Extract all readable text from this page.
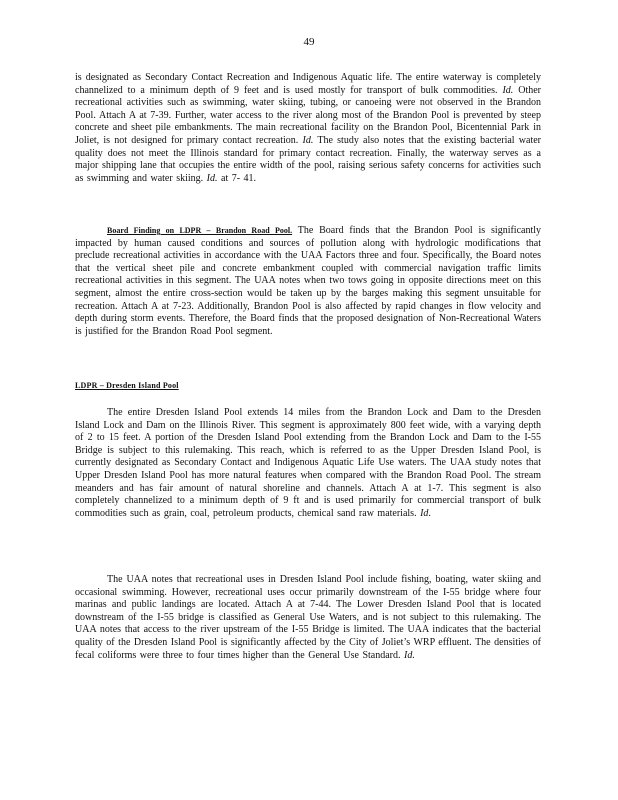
49
is designated as Secondary Contact Recreation and Indigenous Aquatic life. The entire waterway is completely channelized to a minimum depth of 9 feet and is used mostly for transport of bulk commodities. Id. Other recreational activities such as swimming, water skiing, tubing, or canoeing were not observed in the Brandon Pool. Attach A at 7-39. Further, water access to the river along most of the Brandon Pool is prevented by steep concrete and sheet pile embankments. The main recreational facility on the Brandon Pool, Bicentennial Park in Joliet, is not designed for primary contact recreation. Id. The study also notes that the existing bacterial water quality does not meet the Illinois standard for primary contact recreation. Finally, the waterway serves as a major shipping lane that occupies the entire width of the pool, raising serious safety concerns for activities such as swimming and water skiing. Id. at 7- 41.
Board Finding on LDPR – Brandon Road Pool. The Board finds that the Brandon Pool is significantly impacted by human caused conditions and sources of pollution along with hydrologic modifications that preclude recreational activities in accordance with the UAA Factors three and four. Specifically, the Board notes that the vertical sheet pile and concrete embankment coupled with commercial navigation traffic limits recreational activities in this segment. The UAA notes when two tows going in opposite directions meet on this segment, almost the entire cross-section would be taken up by the barges making this segment unsuitable for recreation. Attach A at 7-23. Additionally, Brandon Pool is also affected by rapid changes in flow velocity and depth during storm events. Therefore, the Board finds that the proposed designation of Non-Recreational Waters is justified for the Brandon Road Pool segment.
LDPR – Dresden Island Pool
The entire Dresden Island Pool extends 14 miles from the Brandon Lock and Dam to the Dresden Island Lock and Dam on the Illinois River. This segment is approximately 800 feet wide, with a varying depth of 2 to 15 feet. A portion of the Dresden Island Pool extending from the Brandon Lock and Dam to the I-55 Bridge is subject to this rulemaking. This reach, which is referred to as the Upper Dresden Island Pool, is currently designated as Secondary Contact and Indigenous Aquatic Life Use waters. The UAA study notes that Upper Dresden Island Pool has more natural features when compared with the Brandon Road Pool. The stream meanders and has fair amount of natural shoreline and channels. Attach A at 1-7. This segment is also completely channelized to a minimum depth of 9 ft and is used primarily for commercial transport of bulk commodities such as grain, coal, petroleum products, chemical sand raw materials. Id.
The UAA notes that recreational uses in Dresden Island Pool include fishing, boating, water skiing and occasional swimming. However, recreational uses occur primarily downstream of the I-55 bridge where four marinas and public landings are located. Attach A at 7-44. The Lower Dresden Island Pool that is located downstream of the I-55 bridge is classified as General Use Waters, and is not subject to this rulemaking. The UAA notes that access to the river upstream of the I-55 Bridge is limited. The UAA indicates that the bacterial quality of the Dresden Island Pool is significantly affected by the City of Joliet’s WRP effluent. The densities of fecal coliforms were three to four times higher than the General Use Standard. Id.
